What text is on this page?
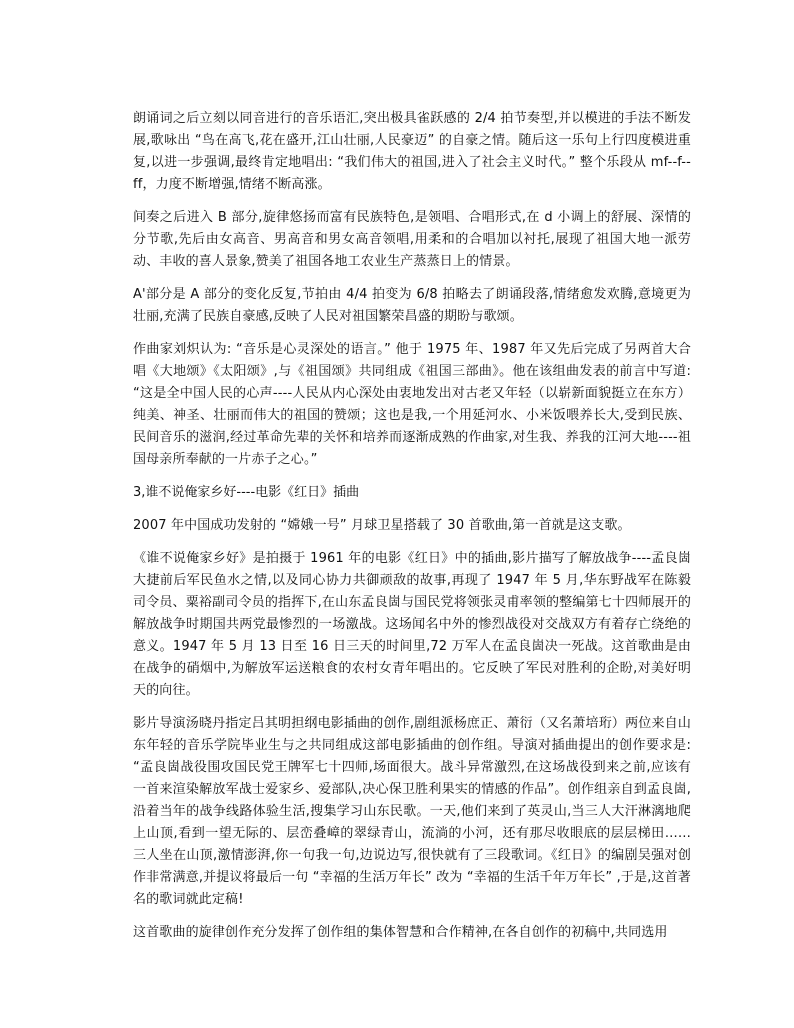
朗诵词之后立刻以同音进行的音乐语汇,突出极具雀跃感的 2/4 拍节奏型,并以模进的手法不断发展,歌咏出 “鸟在高飞,花在盛开,江山壮丽,人民豪迈” 的自豪之情。随后这一乐句上行四度模进重复,以进一步强调,最终肯定地唱出: “我们伟大的祖国,进入了社会主义时代。” 整个乐段从 mf--f--ff，力度不断增强,情绪不断高涨。

间奏之后进入 B 部分,旋律悠扬而富有民族特色,是领唱、合唱形式,在 d 小调上的舒展、深情的分节歌,先后由女高音、男高音和男女高音领唱,用柔和的合唱加以衬托,展现了祖国大地一派劳动、丰收的喜人景象,赞美了祖国各地工农业生产蒸蒸日上的情景。

A'部分是 A 部分的变化反复,节拍由 4/4 拍变为 6/8 拍略去了朗诵段落,情绪愈发欢腾,意境更为壮丽,充满了民族自豪感,反映了人民对祖国繁荣昌盛的期盼与歌颂。

作曲家刘炽认为: “音乐是心灵深处的语言。” 他于 1975 年、1987 年又先后完成了另两首大合唱《大地颂》《太阳颂》,与《祖国颂》共同组成《祖国三部曲》。他在该组曲发表的前言中写道: “这是全中国人民的心声----人民从内心深处由衷地发出对古老又年轻（以崭新面貌挺立在东方）纯美、神圣、壮丽而伟大的祖国的赞颂；这也是我,一个用延河水、小米饭喂养长大,受到民族、民间音乐的滋润,经过革命先辈的关怀和培养而逐渐成熟的作曲家,对生我、养我的江河大地----祖国母亲所奉献的一片赤子之心。”

3,谁不说俺家乡好----电影《红日》插曲

2007 年中国成功发射的 “嫦娥一号” 月球卫星搭载了 30 首歌曲,第一首就是这支歌。

《谁不说俺家乡好》是拍摄于 1961 年的电影《红日》中的插曲,影片描写了解放战争----孟良崮大捷前后军民鱼水之情,以及同心协力共御顽敌的故事,再现了 1947 年 5 月,华东野战军在陈毅司令员、粟裕副司令员的指挥下,在山东孟良崮与国民党将领张灵甫率领的整编第七十四师展开的解放战争时期国共两党最惨烈的一场激战。这场闻名中外的惨烈战役对交战双方有着存亡绕绝的意义。1947 年 5 月 13 日至 16 日三天的时间里,72 万军人在孟良崮决一死战。这首歌曲是由在战争的硝烟中,为解放军运送粮食的农村女青年唱出的。它反映了军民对胜利的企盼,对美好明天的向往。

影片导演汤晓丹指定吕其明担纲电影插曲的创作,剧组派杨庶正、萧衍（又名萧培珩）两位来自山东年轻的音乐学院毕业生与之共同组成这部电影插曲的创作组。导演对插曲提出的创作要求是: “孟良崮战役围攻国民党王牌军七十四师,场面很大。战斗异常激烈,在这场战役到来之前,应该有一首来渲染解放军战士爱家乡、爱部队,决心保卫胜利果实的情感的作品”。创作组亲自到孟良崮,沿着当年的战争线路体验生活,搜集学习山东民歌。一天,他们来到了英灵山,当三人大汗淋漓地爬上山顶,看到一望无际的、层峦叠嶂的翠绿青山，流淌的小河，还有那尽收眼底的层层梯田…… 三人坐在山顶,激情澎湃,你一句我一句,边说边写,很快就有了三段歌词。《红日》的编剧吴强对创作非常满意,并提议将最后一句 “幸福的生活万年长” 改为 “幸福的生活千年万年长” ,于是,这首著名的歌词就此定稿!

这首歌曲的旋律创作充分发挥了创作组的集体智慧和合作精神,在各自创作的初稿中,共同选用
